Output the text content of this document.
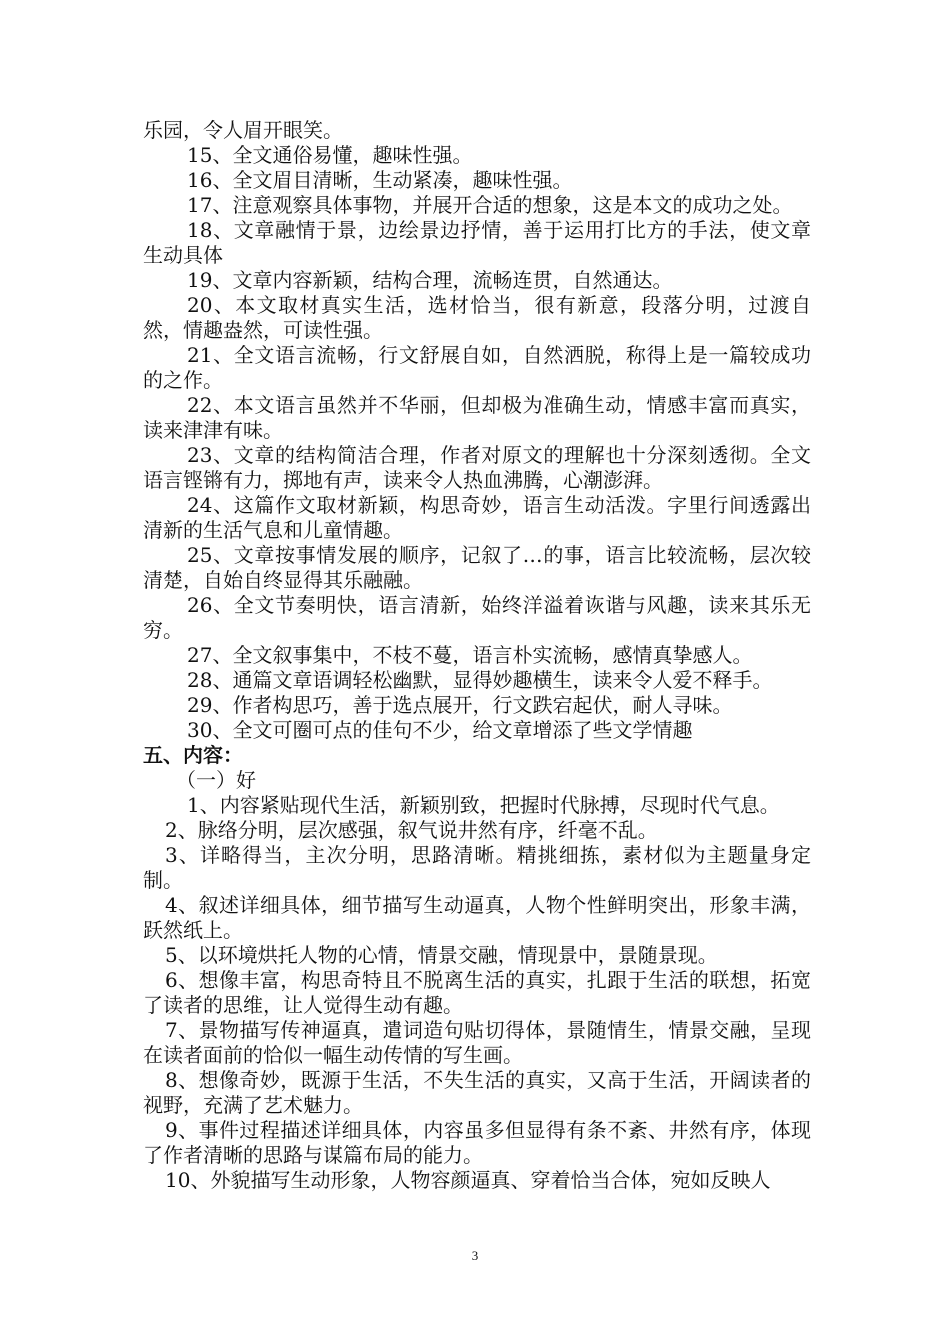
乐园，令人眉开眼笑。

15、全文通俗易懂，趣味性强。

16、全文眉目清晰，生动紧凑，趣味性强。

17、注意观察具体事物，并展开合适的想象，这是本文的成功之处。

18、文章融情于景，边绘景边抒情，善于运用打比方的手法，使文章生动具体

19、文章内容新颖，结构合理，流畅连贯，自然通达。

20、本文取材真实生活，选材恰当，很有新意，段落分明，过渡自然，情趣盎然，可读性强。

21、全文语言流畅，行文舒展自如，自然洒脱，称得上是一篇较成功的之作。

22、本文语言虽然并不华丽，但却极为准确生动，情感丰富而真实，读来津津有味。

23、文章的结构简洁合理，作者对原文的理解也十分深刻透彻。全文语言铿锵有力，掷地有声，读来令人热血沸腾，心潮澎湃。

24、这篇作文取材新颖，构思奇妙，语言生动活泼。字里行间透露出清新的生活气息和儿童情趣。

25、文章按事情发展的顺序，记叙了…的事，语言比较流畅，层次较清楚，自始自终显得其乐融融。

26、全文节奏明快，语言清新，始终洋溢着诙谐与风趣，读来其乐无穷。

27、全文叙事集中，不枝不蔓，语言朴实流畅，感情真挚感人。

28、通篇文章语调轻松幽默，显得妙趣横生，读来令人爱不释手。

29、作者构思巧，善于选点展开，行文跌宕起伏，耐人寻味。

30、全文可圈可点的佳句不少，给文章增添了些文学情趣

五、内容：

（一）好

1、内容紧贴现代生活，新颖别致，把握时代脉搏，尽现时代气息。

2、脉络分明，层次感强，叙气说井然有序，纤毫不乱。

3、详略得当，主次分明，思路清晰。精挑细拣，素材似为主题量身定制。

4、叙述详细具体，细节描写生动逼真，人物个性鲜明突出，形象丰满，跃然纸上。

5、以环境烘托人物的心情，情景交融，情现景中，景随景现。

6、想像丰富，构思奇特且不脱离生活的真实，扎跟于生活的联想，拓宽了读者的思维，让人觉得生动有趣。

7、景物描写传神逼真，遣词造句贴切得体，景随情生，情景交融，呈现在读者面前的恰似一幅生动传情的写生画。

8、想像奇妙，既源于生活，不失生活的真实，又高于生活，开阔读者的视野，充满了艺术魅力。

9、事件过程描述详细具体，内容虽多但显得有条不紊、井然有序，体现了作者清晰的思路与谋篇布局的能力。

10、外貌描写生动形象，人物容颜逼真、穿着恰当合体，宛如反映人

3
